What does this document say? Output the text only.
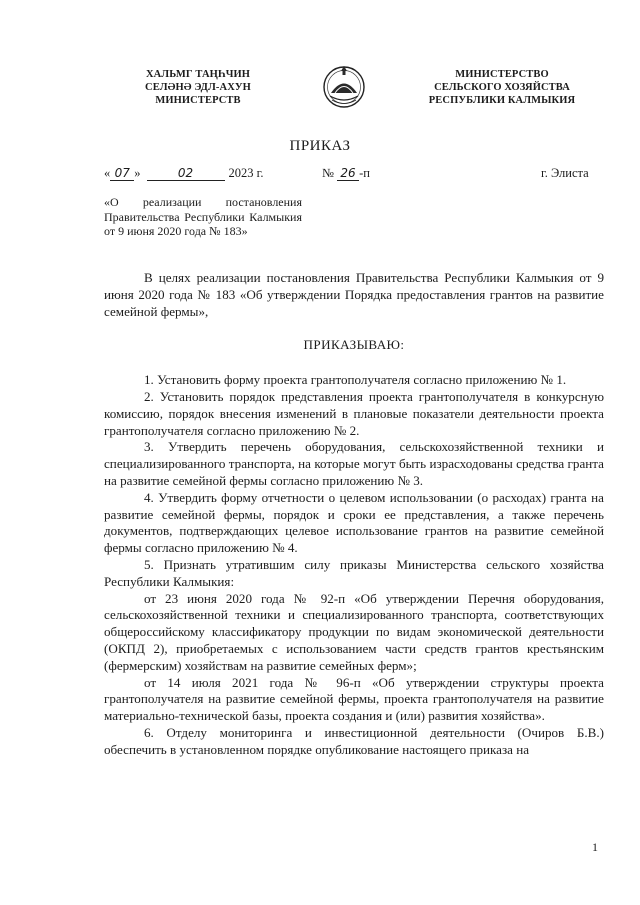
ХАЛЬМГ ТАҢҺЧИН
СЕЛӘНӘ ЭДЛ-АХУН
МИНИСТЕРСТВ
МИНИСТЕРСТВО
СЕЛЬСКОГО ХОЗЯЙСТВА
РЕСПУБЛИКИ КАЛМЫКИЯ
ПРИКАЗ
« 07 »	02	2023 г.	№ 26 -п	г. Элиста
«О реализации постановления Правительства Республики Калмыкия от 9 июня 2020 года № 183»

В целях реализации постановления Правительства Республики Калмыкия от 9 июня 2020 года № 183 «Об утверждении Порядка предоставления грантов на развитие семейной фермы»,

ПРИКАЗЫВАЮ:

1. Установить форму проекта грантополучателя согласно приложению № 1.

2. Установить порядок представления проекта грантополучателя в конкурсную комиссию, порядок внесения изменений в плановые показатели деятельности проекта грантополучателя согласно приложению № 2.

3. Утвердить перечень оборудования, сельскохозяйственной техники и специализированного транспорта, на которые могут быть израсходованы средства гранта на развитие семейной фермы согласно приложению № 3.

4. Утвердить форму отчетности о целевом использовании (о расходах) гранта на развитие семейной фермы, порядок и сроки ее представления, а также перечень документов, подтверждающих целевое использование грантов на развитие семейной фермы согласно приложению № 4.

5. Признать утратившим силу приказы Министерства сельского хозяйства Республики Калмыкия:

от 23 июня 2020 года № 92-п «Об утверждении Перечня оборудования, сельскохозяйственной техники и специализированного транспорта, соответствующих общероссийскому классификатору продукции по видам экономической деятельности (ОКПД 2), приобретаемых с использованием части средств грантов крестьянским (фермерским) хозяйствам на развитие семейных ферм»;

от 14 июля 2021 года № 96-п «Об утверждении структуры проекта грантополучателя на развитие семейной фермы, проекта грантополучателя на развитие материально-технической базы, проекта создания и (или) развития хозяйства».

6. Отделу мониторинга и инвестиционной деятельности (Очиров Б.В.) обеспечить в установленном порядке опубликование настоящего приказа на

1
